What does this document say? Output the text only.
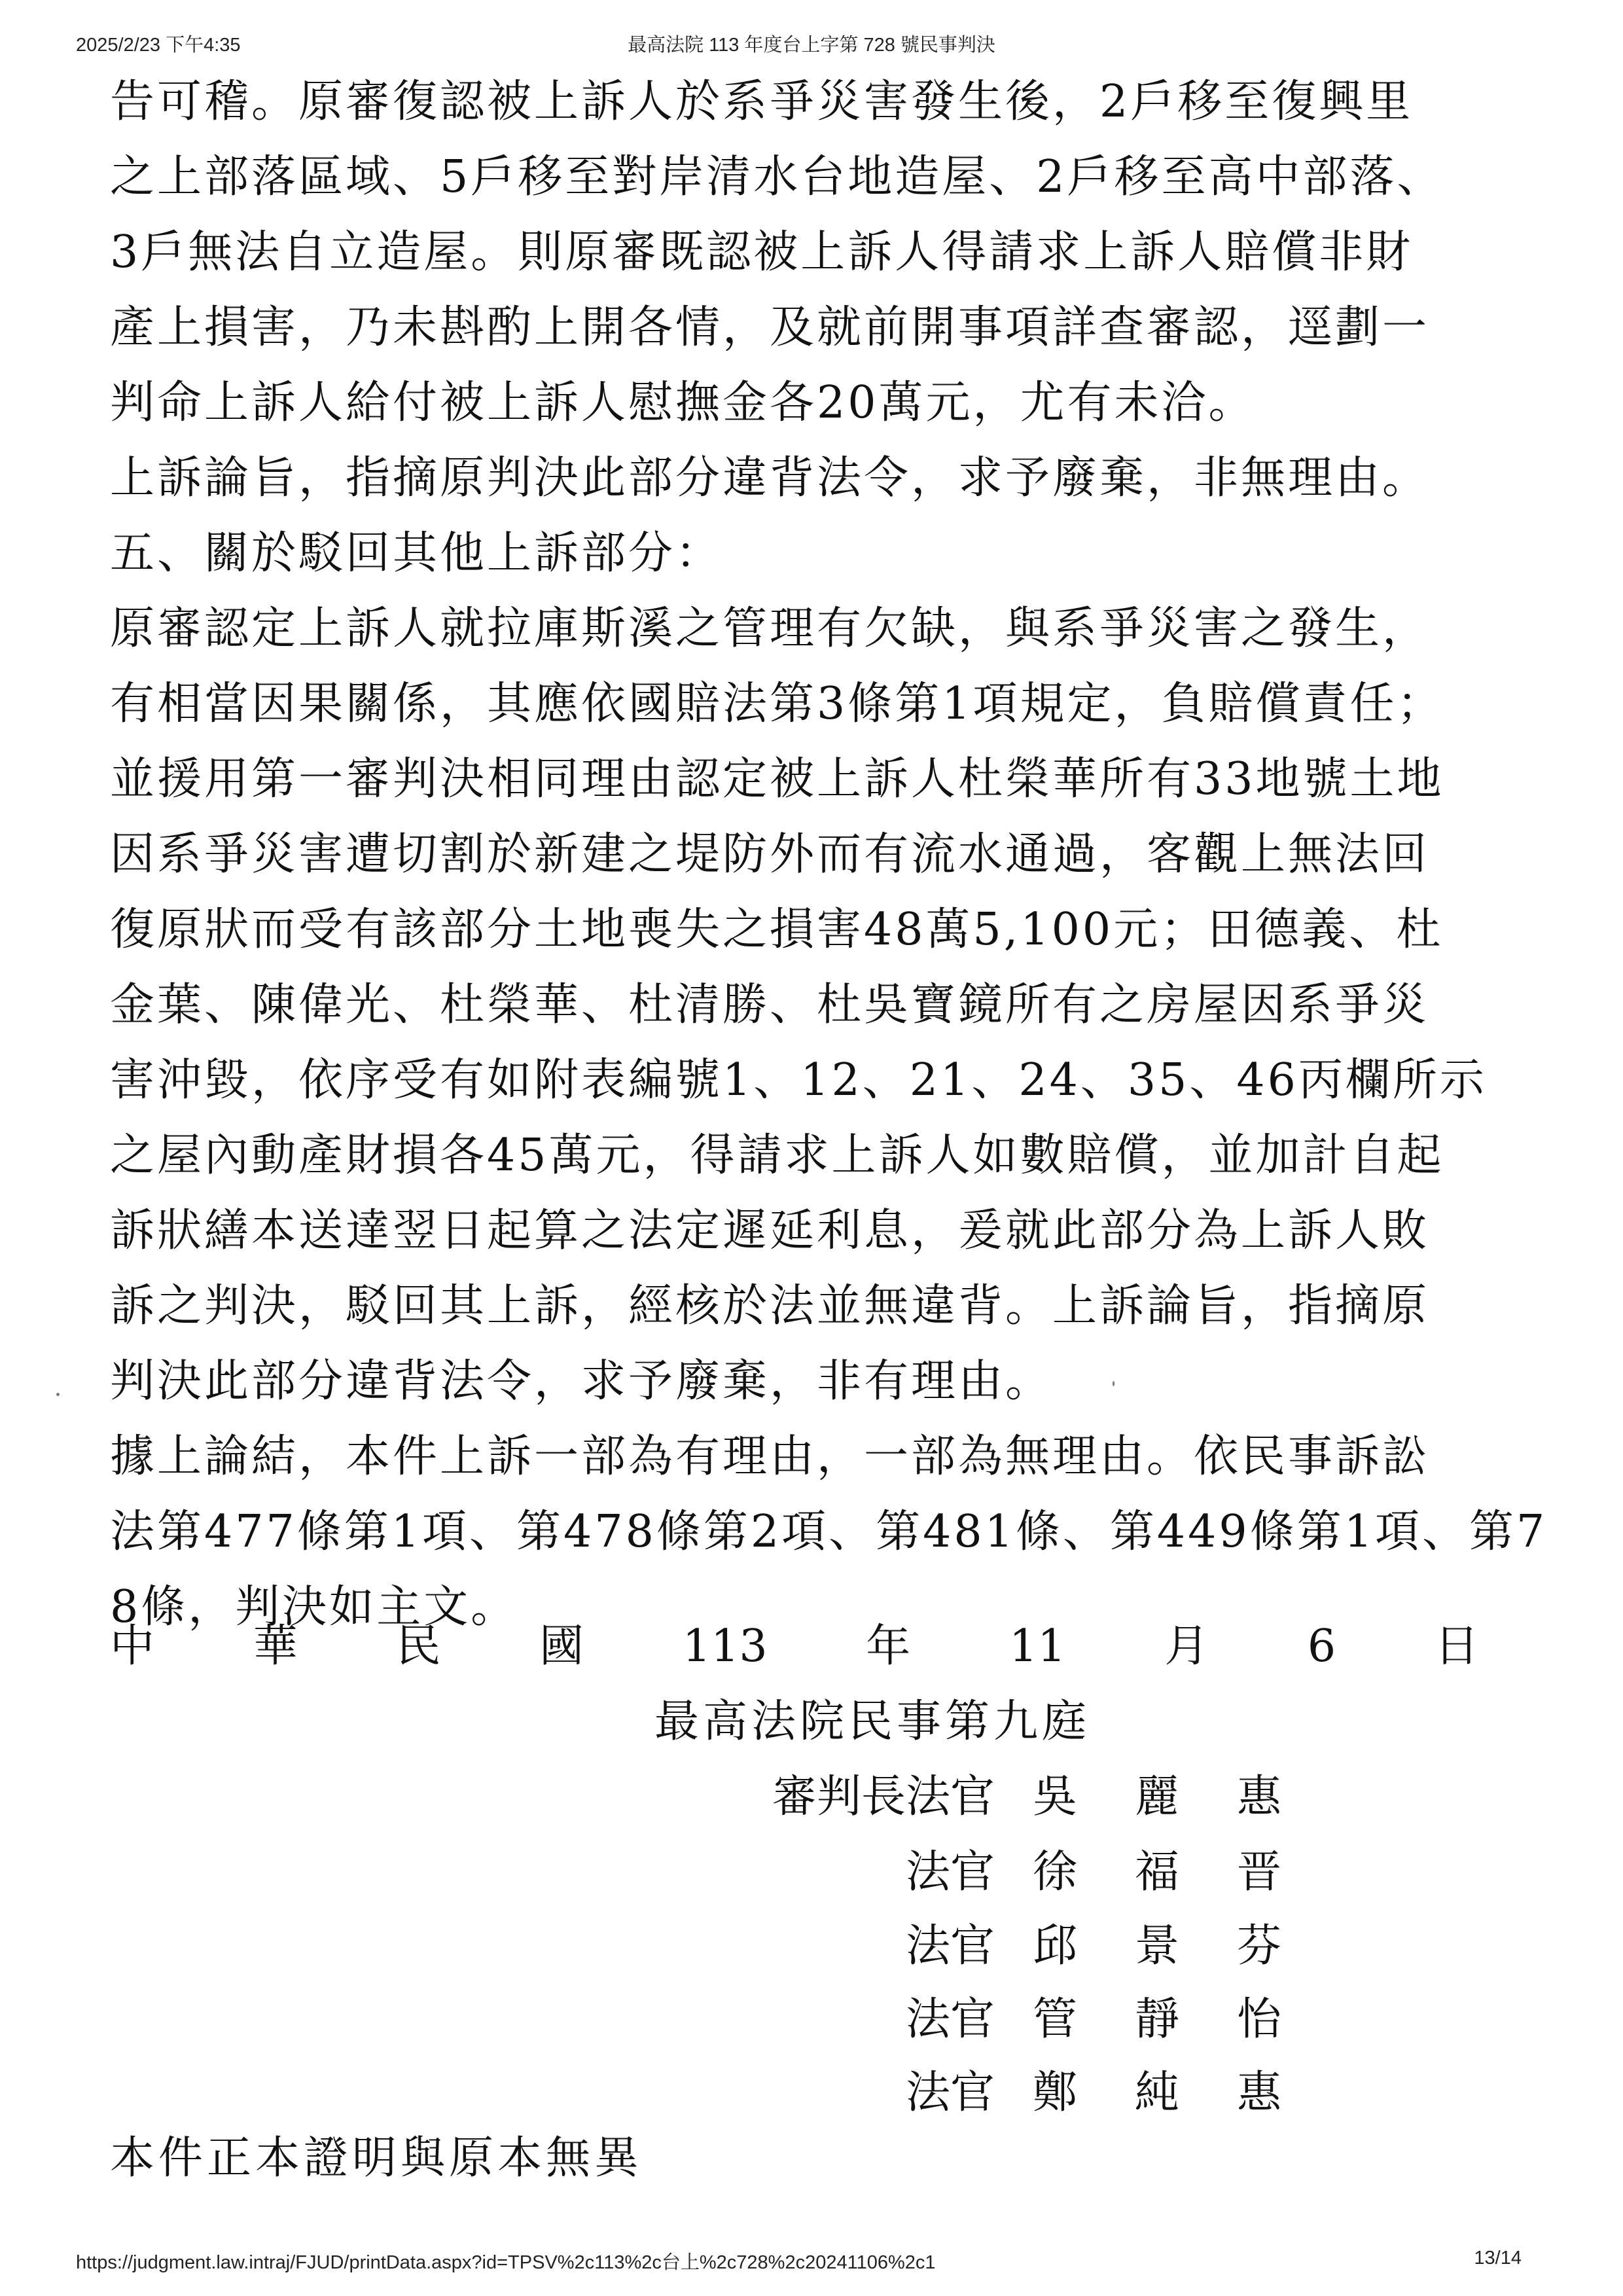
2025/2/23 下午4:35	最高法院 113 年度台上字第 728 號民事判決
告可稽。原審復認被上訴人於系爭災害發生後，2戶移至復興里
之上部落區域、5戶移至對岸清水台地造屋、2戶移至高中部落、
3戶無法自立造屋。則原審既認被上訴人得請求上訴人賠償非財
產上損害，乃未斟酌上開各情，及就前開事項詳查審認，逕劃一
判命上訴人給付被上訴人慰撫金各20萬元，尤有未洽。
上訴論旨，指摘原判決此部分違背法令，求予廢棄，非無理由。
五、關於駁回其他上訴部分：
原審認定上訴人就拉庫斯溪之管理有欠缺，與系爭災害之發生，
有相當因果關係，其應依國賠法第3條第1項規定，負賠償責任；
並援用第一審判決相同理由認定被上訴人杜榮華所有33地號土地
因系爭災害遭切割於新建之堤防外而有流水通過，客觀上無法回
復原狀而受有該部分土地喪失之損害48萬5,100元；田德義、杜
金葉、陳偉光、杜榮華、杜清勝、杜吳寶鏡所有之房屋因系爭災
害沖毀，依序受有如附表編號1、12、21、24、35、46丙欄所示
之屋內動產財損各45萬元，得請求上訴人如數賠償，並加計自起
訴狀繕本送達翌日起算之法定遲延利息，爰就此部分為上訴人敗
訴之判決，駁回其上訴，經核於法並無違背。上訴論旨，指摘原
判決此部分違背法令，求予廢棄，非有理由。
據上論結，本件上訴一部為有理由，一部為無理由。依民事訴訟
法第477條第1項、第478條第2項、第481條、第449條第1項、第7
8條，判決如主文。
中 華 民 國 113 年 11 月 6 日
最高法院民事第九庭
審判長法官 吳 麗 惠
法官 徐 福 晋
法官 邱 景 芬
法官 管 靜 怡
法官 鄭 純 惠
本件正本證明與原本無異
https://judgment.law.intraj/FJUD/printData.aspx?id=TPSV%2c113%2c台上%2c728%2c20241106%2c1	13/14
